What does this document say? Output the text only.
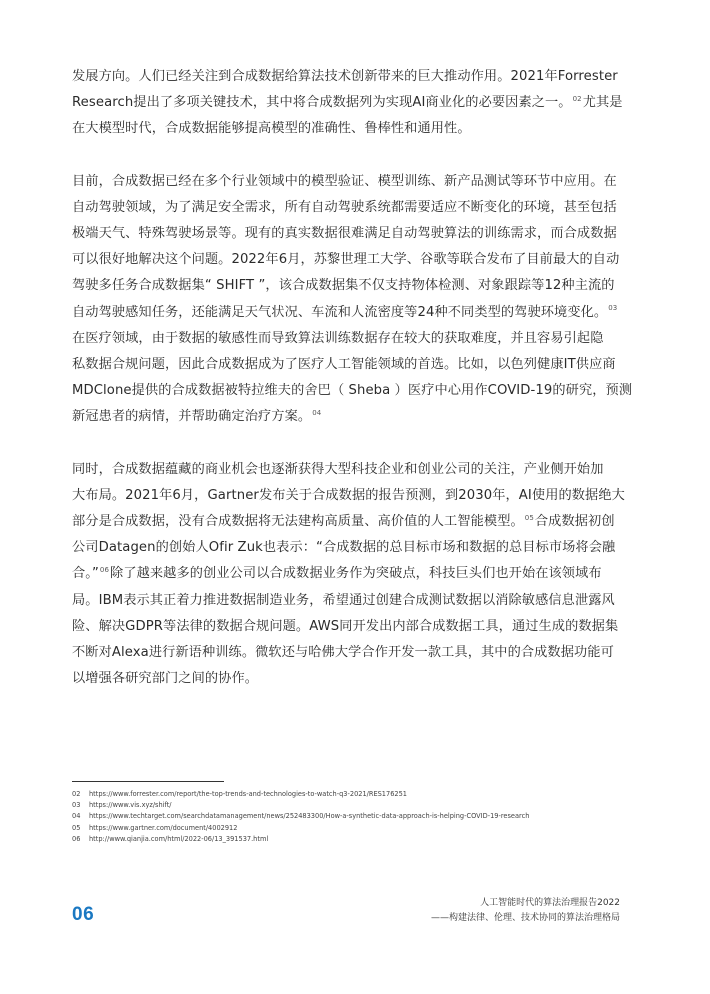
发展方向。人们已经关注到合成数据给算法技术创新带来的巨大推动作用。2021年Forrester
Research提出了多项关键技术，其中将合成数据列为实现AI商业化的必要因素之一。$^{02}$尤其是
在大模型时代，合成数据能够提高模型的准确性、鲁棒性和通用性。

目前，合成数据已经在多个行业领域中的模型验证、模型训练、新产品测试等环节中应用。在
自动驾驶领域，为了满足安全需求，所有自动驾驶系统都需要适应不断变化的环境，甚至包括
极端天气、特殊驾驶场景等。现有的真实数据很难满足自动驾驶算法的训练需求，而合成数据
可以很好地解决这个问题。2022年6月，苏黎世理工大学、谷歌等联合发布了目前最大的自动
驾驶多任务合成数据集“ SHIFT ”，该合成数据集不仅支持物体检测、对象跟踪等12种主流的
自动驾驶感知任务，还能满足天气状况、车流和人流密度等24种不同类型的驾驶环境变化。$^{03}$
在医疗领域，由于数据的敏感性而导致算法训练数据存在较大的获取难度，并且容易引起隐
私数据合规问题，因此合成数据成为了医疗人工智能领域的首选。比如，以色列健康IT供应商
MDClone提供的合成数据被特拉维夫的舍巴（ Sheba ）医疗中心用作COVID-19的研究，预测
新冠患者的病情，并帮助确定治疗方案。$^{04}$

同时，合成数据蕴藏的商业机会也逐渐获得大型科技企业和创业公司的关注，产业侧开始加
大布局。2021年6月，Gartner发布关于合成数据的报告预测，到2030年，AI使用的数据绝大
部分是合成数据，没有合成数据将无法建构高质量、高价值的人工智能模型。$^{05}$合成数据初创
公司Datagen的创始人Ofir Zuk也表示：“合成数据的总目标市场和数据的总目标市场将会融
合。”$^{06}$除了越来越多的创业公司以合成数据业务作为突破点，科技巨头们也开始在该领域布
局。IBM表示其正着力推进数据制造业务，希望通过创建合成测试数据以消除敏感信息泄露风
险、解决GDPR等法律的数据合规问题。AWS同开发出内部合成数据工具，通过生成的数据集
不断对Alexa进行新语种训练。微软还与哈佛大学合作开发一款工具，其中的合成数据功能可
以增强各研究部门之间的协作。

02 https://www.forrester.com/report/the-top-trends-and-technologies-to-watch-q3-2021/RES176251
03 https://www.vis.xyz/shift/
04 https://www.techtarget.com/searchdatamanagement/news/252483300/How-a-synthetic-data-approach-is-helping-COVID-19-research
05 https://www.gartner.com/document/4002912
06 http://www.qianjia.com/html/2022-06/13_391537.html
06
人工智能时代的算法治理报告2022
——构建法律、伦理、技术协同的算法治理格局
